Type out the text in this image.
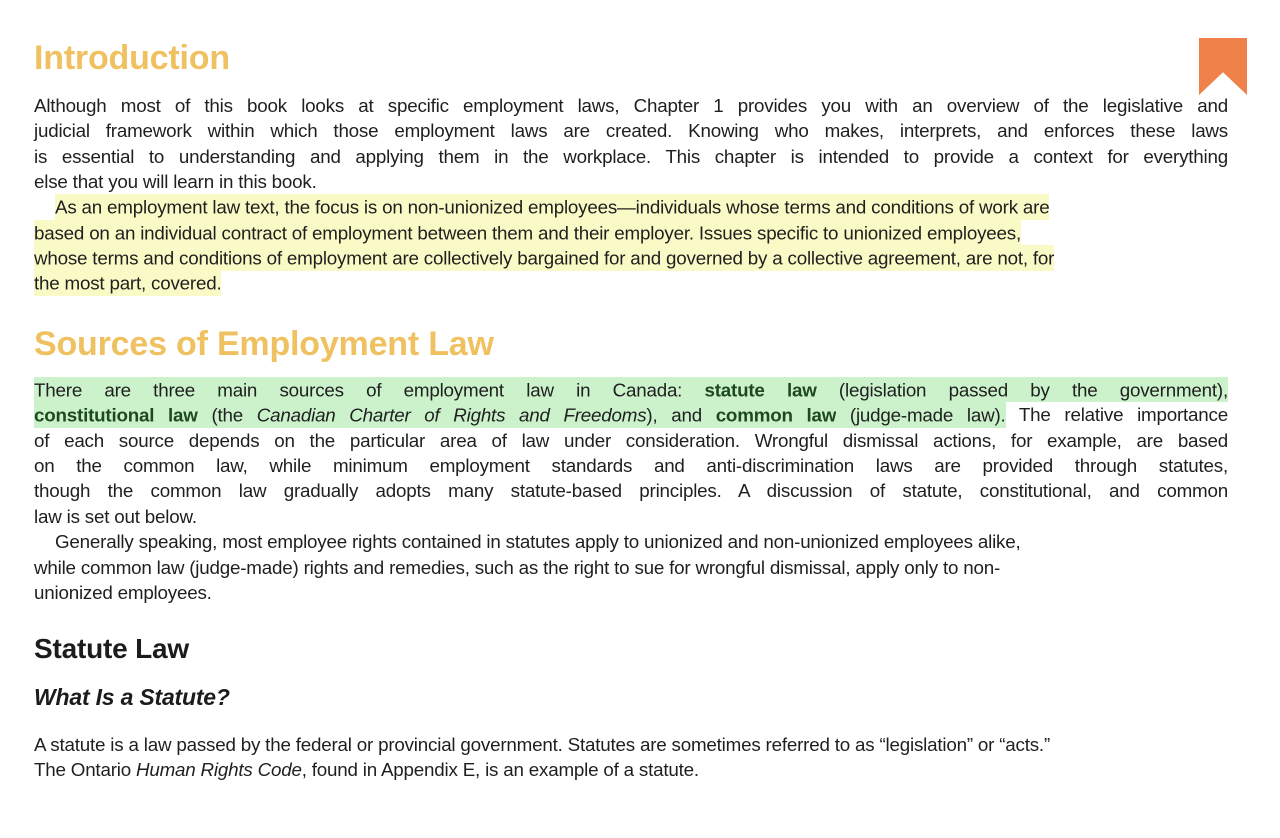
Introduction
Although most of this book looks at specific employment laws, Chapter 1 provides you with an overview of the legislative and
judicial framework within which those employment laws are created. Knowing who makes, interprets, and enforces these laws
is essential to understanding and applying them in the workplace. This chapter is intended to provide a context for everything
else that you will learn in this book.
As an employment law text, the focus is on non-unionized employees—individuals whose terms and conditions of work are
based on an individual contract of employment between them and their employer. Issues specific to unionized employees,
whose terms and conditions of employment are collectively bargained for and governed by a collective agreement, are not, for
the most part, covered.
Sources of Employment Law
There are three main sources of employment law in Canada: statute law (legislation passed by the government),
constitutional law (the Canadian Charter of Rights and Freedoms), and common law (judge-made law). The relative importance
of each source depends on the particular area of law under consideration. Wrongful dismissal actions, for example, are based
on the common law, while minimum employment standards and anti-discrimination laws are provided through statutes,
though the common law gradually adopts many statute-based principles. A discussion of statute, constitutional, and common
law is set out below.
Generally speaking, most employee rights contained in statutes apply to unionized and non-unionized employees alike,
while common law (judge-made) rights and remedies, such as the right to sue for wrongful dismissal, apply only to non-
unionized employees.
Statute Law
What Is a Statute?
A statute is a law passed by the federal or provincial government. Statutes are sometimes referred to as “legislation” or “acts.”
The Ontario Human Rights Code, found in Appendix E, is an example of a statute.
